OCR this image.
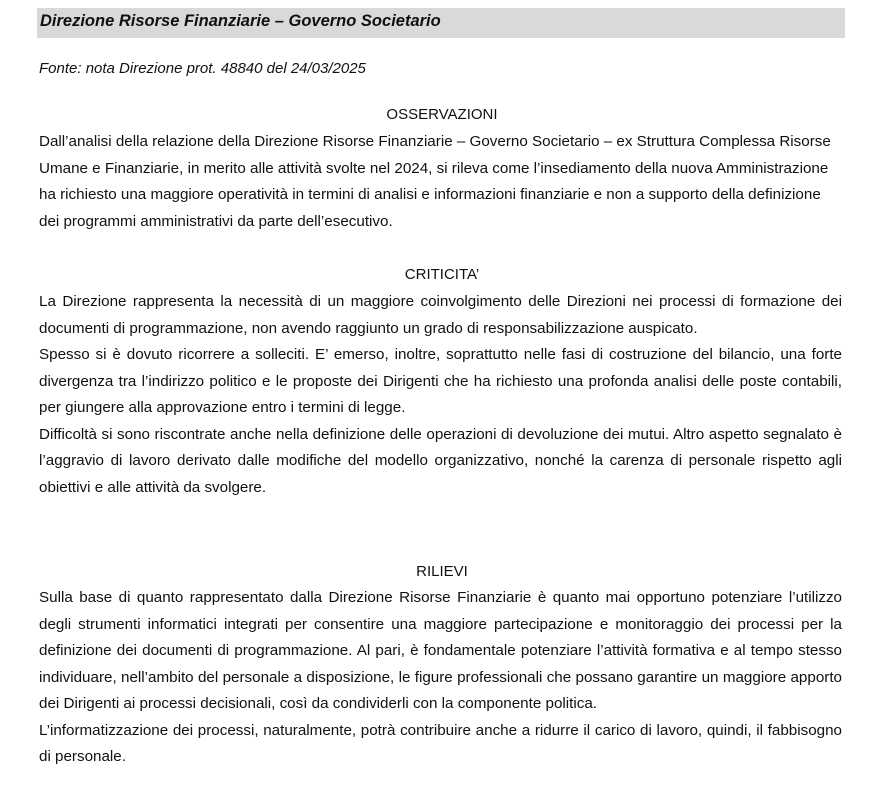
Direzione Risorse Finanziarie – Governo Societario
Fonte: nota Direzione prot. 48840 del 24/03/2025
OSSERVAZIONI

Dall’analisi della relazione della Direzione Risorse Finanziarie – Governo Societario – ex Struttura Complessa Risorse Umane e Finanziarie, in merito alle attività svolte nel 2024, si rileva come l’insediamento della nuova Amministrazione ha richiesto una maggiore operatività in termini di analisi e informazioni finanziarie e non a supporto della definizione dei programmi amministrativi da parte dell’esecutivo.

CRITICITA’

La Direzione rappresenta la necessità di un maggiore coinvolgimento delle Direzioni nei processi di formazione dei documenti di programmazione, non avendo raggiunto un grado di responsabilizzazione auspicato.

Spesso si è dovuto ricorrere a solleciti. E’ emerso, inoltre, soprattutto nelle fasi di costruzione del bilancio, una forte divergenza tra l’indirizzo politico e le proposte dei Dirigenti che ha richiesto una profonda analisi delle poste contabili, per giungere alla approvazione entro i termini di legge.

Difficoltà si sono riscontrate anche nella definizione delle operazioni di devoluzione dei mutui. Altro aspetto segnalato è l’aggravio di lavoro derivato dalle modifiche del modello organizzativo, nonché la carenza di personale rispetto agli obiettivi e alle attività da svolgere.

RILIEVI

Sulla base di quanto rappresentato dalla Direzione Risorse Finanziarie è quanto mai opportuno potenziare l’utilizzo degli strumenti informatici integrati per consentire una maggiore partecipazione e monitoraggio dei processi per la definizione dei documenti di programmazione. Al pari, è fondamentale potenziare l’attività formativa e al tempo stesso individuare, nell’ambito del personale a disposizione, le figure professionali che possano garantire un maggiore apporto dei Dirigenti ai processi decisionali, così da condividerli con la componente politica.

L’informatizzazione dei processi, naturalmente, potrà contribuire anche a ridurre il carico di lavoro, quindi, il fabbisogno di personale.
